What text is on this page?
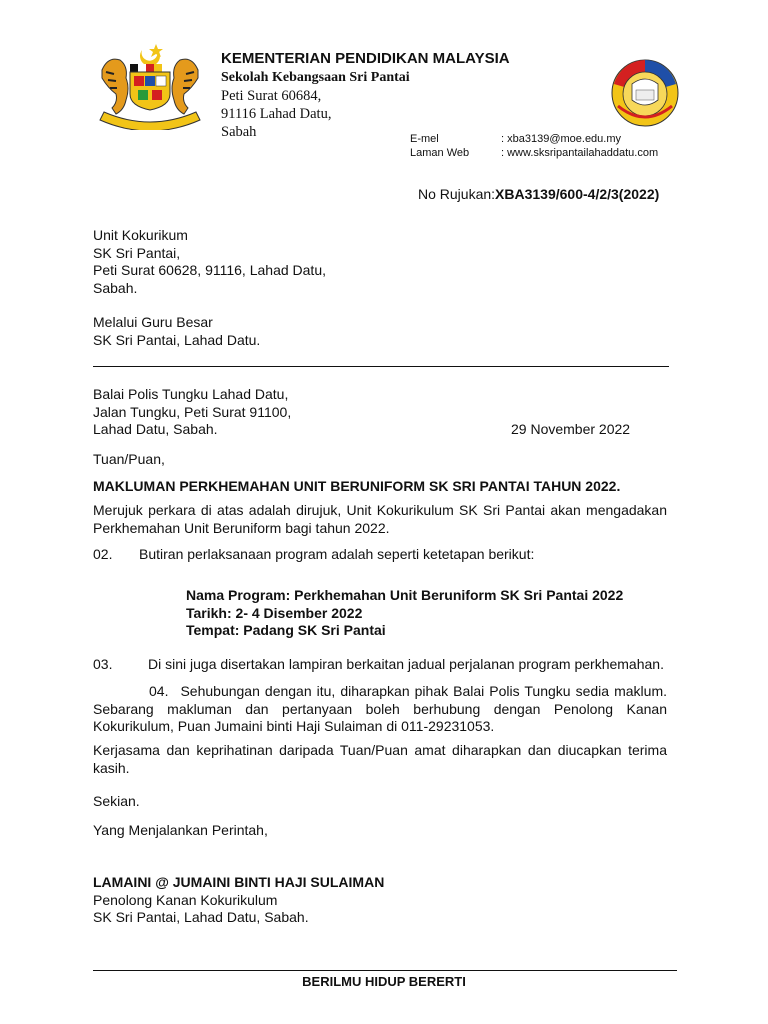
KEMENTERIAN PENDIDIKAN MALAYSIA
Sekolah Kebangsaan Sri Pantai
Peti Surat 60684,
91116 Lahad Datu,
Sabah	E-mel	: xba3139@moe.edu.my
Laman Web	: www.sksripantailahaddatu.com
No Rujukan:XBA3139/600-4/2/3(2022)
Unit Kokurikum
SK Sri Pantai,
Peti Surat 60628, 91116, Lahad Datu,
Sabah.
Melalui Guru Besar
SK Sri Pantai, Lahad Datu.
Balai Polis Tungku Lahad Datu,
Jalan Tungku, Peti Surat 91100,
Lahad Datu, Sabah.	29 November 2022
Tuan/Puan,
MAKLUMAN PERKHEMAHAN UNIT BERUNIFORM SK SRI PANTAI TAHUN 2022.
Merujuk perkara di atas adalah dirujuk, Unit Kokurikulum SK Sri Pantai akan mengadakan Perkhemahan Unit Beruniform bagi tahun 2022.
02. Butiran perlaksanaan program adalah seperti ketetapan berikut:
Nama Program: Perkhemahan Unit Beruniform SK Sri Pantai 2022
Tarikh: 2- 4 Disember 2022
Tempat: Padang SK Sri Pantai
03.	Di sini juga disertakan lampiran berkaitan jadual perjalanan program perkhemahan.
04. Sehubungan dengan itu, diharapkan pihak Balai Polis Tungku sedia maklum. Sebarang makluman dan pertanyaan boleh berhubung dengan Penolong Kanan Kokurikulum, Puan Jumaini binti Haji Sulaiman di 011-29231053.
Kerjasama dan keprihatinan daripada Tuan/Puan amat diharapkan dan diucapkan terima kasih.
Sekian.
Yang Menjalankan Perintah,
LAMAINI @ JUMAINI BINTI HAJI SULAIMAN
Penolong Kanan Kokurikulum
SK Sri Pantai, Lahad Datu, Sabah.
BERILMU HIDUP BERERTI
